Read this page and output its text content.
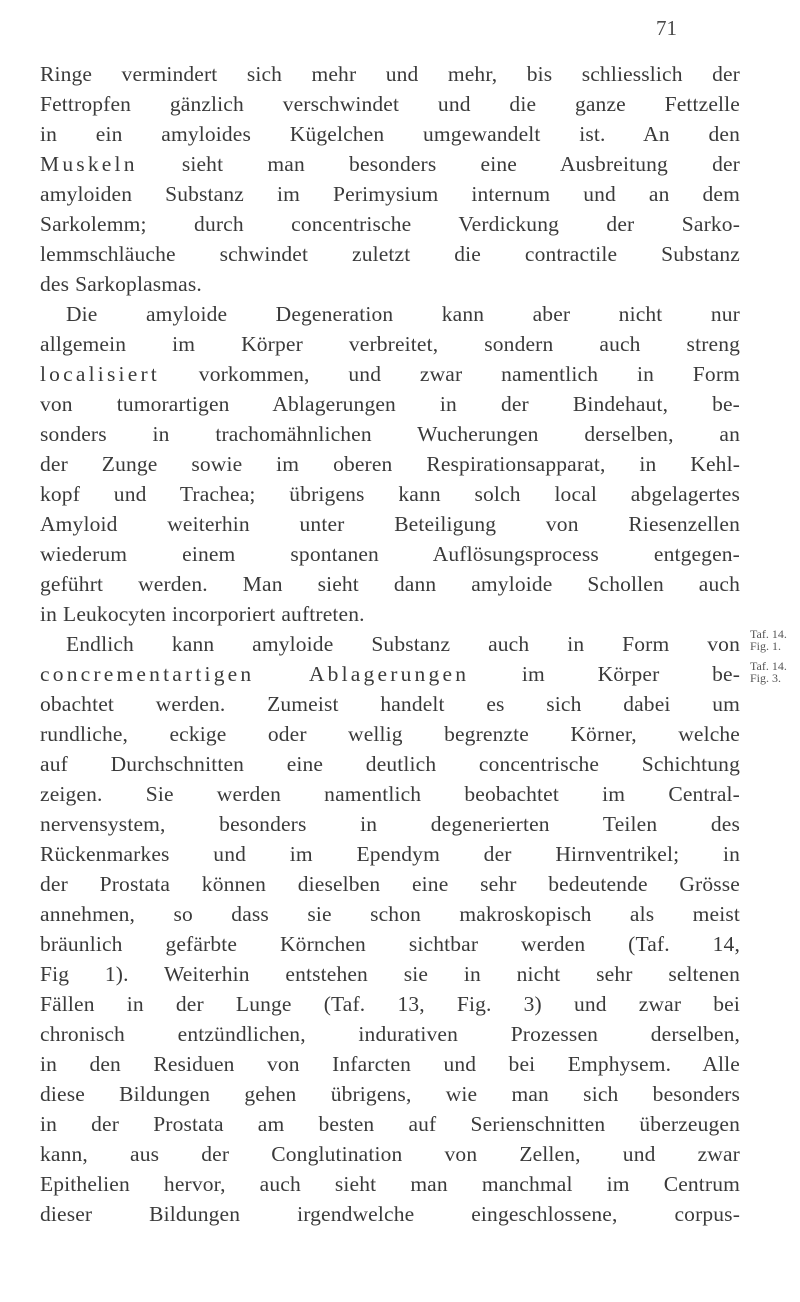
71
Ringe vermindert sich mehr und mehr, bis schliesslich der
Fettropfen gänzlich verschwindet und die ganze Fettzelle
in ein amyloides Kügelchen umgewandelt ist. An den
Muskeln sieht man besonders eine Ausbreitung der
amyloiden Substanz im Perimysium internum und an dem
Sarkolemm; durch concentrische Verdickung der Sarko-
lemmschläuche schwindet zuletzt die contractile Substanz
des Sarkoplasmas.
Die amyloide Degeneration kann aber nicht nur
allgemein im Körper verbreitet, sondern auch streng
localisiert vorkommen, und zwar namentlich in Form
von tumorartigen Ablagerungen in der Bindehaut, be-
sonders in trachomähnlichen Wucherungen derselben, an
der Zunge sowie im oberen Respirationsapparat, in Kehl-
kopf und Trachea; übrigens kann solch local abgelagertes
Amyloid weiterhin unter Beteiligung von Riesenzellen
wiederum einem spontanen Auflösungsprocess entgegen-
geführt werden. Man sieht dann amyloide Schollen auch
in Leukocyten incorporiert auftreten.
Endlich kann amyloide Substanz auch in Form von
concrementartigen Ablagerungen im Körper be-
obachtet werden. Zumeist handelt es sich dabei um
rundliche, eckige oder wellig begrenzte Körner, welche
auf Durchschnitten eine deutlich concentrische Schichtung
zeigen. Sie werden namentlich beobachtet im Central-
nervensystem, besonders in degenerierten Teilen des
Rückenmarkes und im Ependym der Hirnventrikel; in
der Prostata können dieselben eine sehr bedeutende Grösse
annehmen, so dass sie schon makroskopisch als meist
bräunlich gefärbte Körnchen sichtbar werden (Taf. 14,
Fig 1). Weiterhin entstehen sie in nicht sehr seltenen
Fällen in der Lunge (Taf. 13, Fig. 3) und zwar bei
chronisch entzündlichen, indurativen Prozessen derselben,
in den Residuen von Infarcten und bei Emphysem. Alle
diese Bildungen gehen übrigens, wie man sich besonders
in der Prostata am besten auf Serienschnitten überzeugen
kann, aus der Conglutination von Zellen, und zwar
Epithelien hervor, auch sieht man manchmal im Centrum
dieser Bildungen irgendwelche eingeschlossene, corpus-
Taf. 14.
Fig. 1.
Taf. 14.
Fig. 3.
